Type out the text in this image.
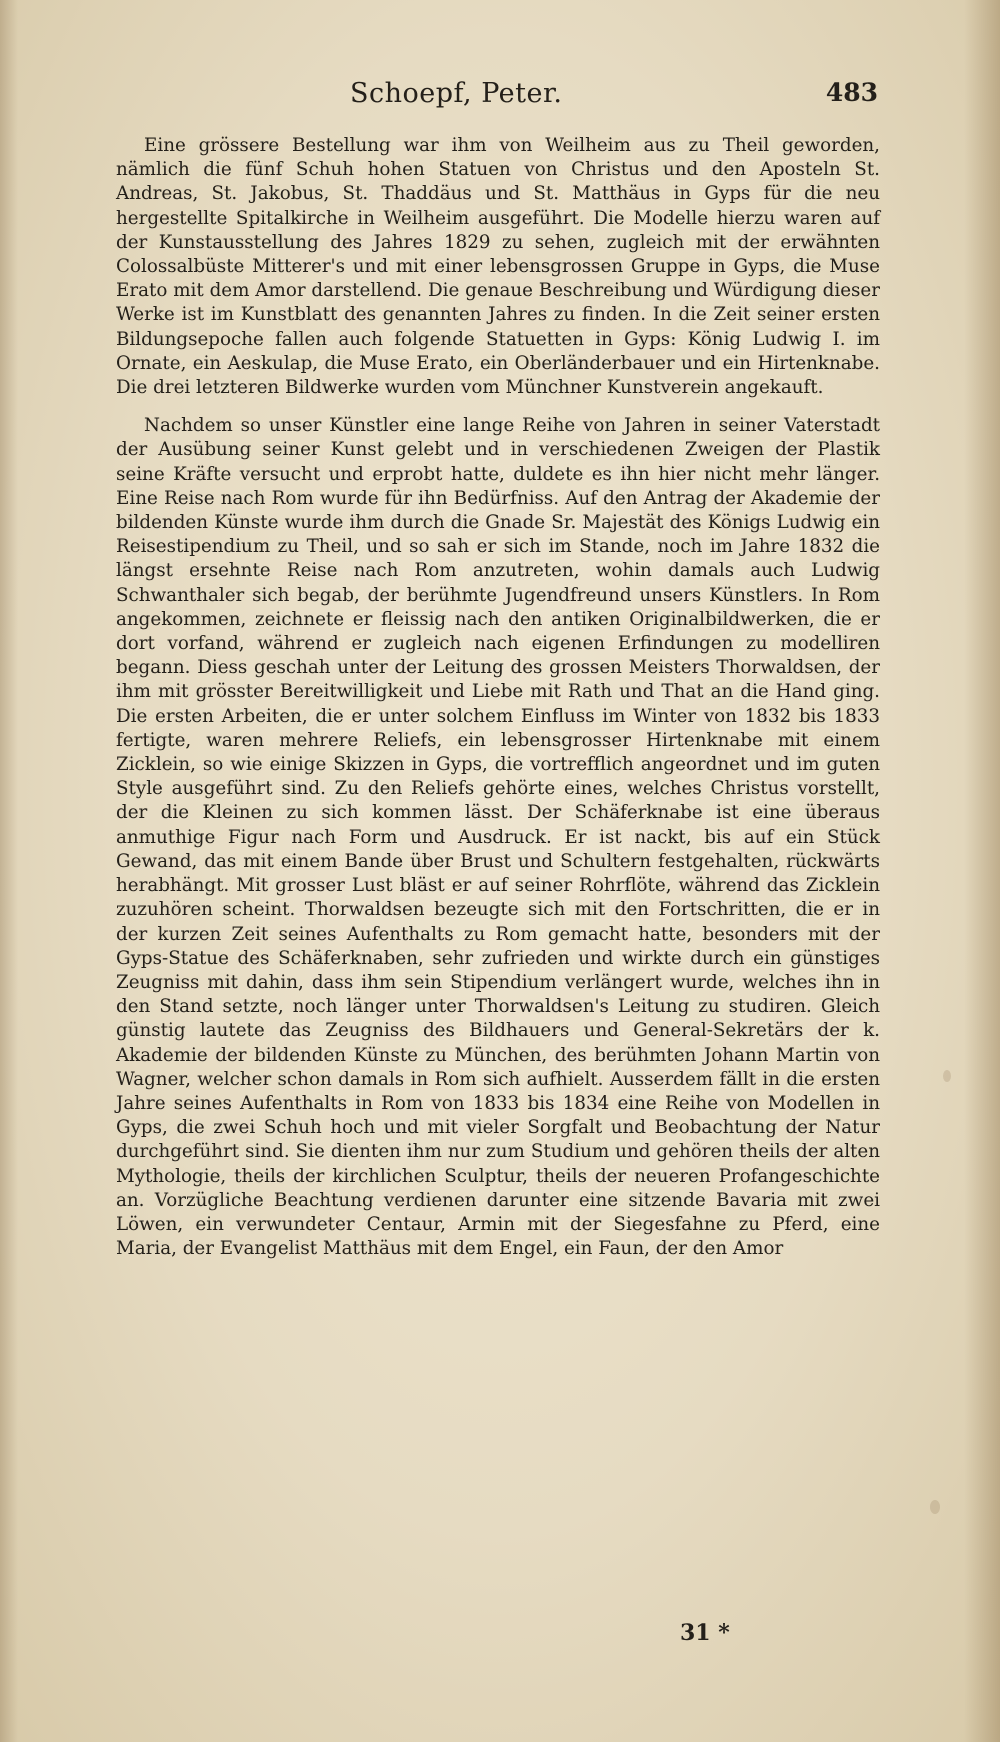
Schoepf, Peter.	483

Eine grössere Bestellung war ihm von Weilheim aus zu Theil geworden, nämlich die fünf Schuh hohen Statuen von Christus und den Aposteln St. Andreas, St. Jakobus, St. Thaddäus und St. Matthäus in Gyps für die neu hergestellte Spitalkirche in Weilheim ausgeführt. Die Modelle hierzu waren auf der Kunstausstellung des Jahres 1829 zu sehen, zugleich mit der erwähnten Colossalbüste Mitterer's und mit einer lebensgrossen Gruppe in Gyps, die Muse Erato mit dem Amor darstellend. Die genaue Beschreibung und Würdigung dieser Werke ist im Kunstblatt des genannten Jahres zu finden. In die Zeit seiner ersten Bildungsepoche fallen auch folgende Statuetten in Gyps: König Ludwig I. im Ornate, ein Aeskulap, die Muse Erato, ein Oberländerbauer und ein Hirtenknabe. Die drei letzteren Bildwerke wurden vom Münchner Kunstverein angekauft.

Nachdem so unser Künstler eine lange Reihe von Jahren in seiner Vaterstadt der Ausübung seiner Kunst gelebt und in verschiedenen Zweigen der Plastik seine Kräfte versucht und erprobt hatte, duldete es ihn hier nicht mehr länger. Eine Reise nach Rom wurde für ihn Bedürfniss. Auf den Antrag der Akademie der bildenden Künste wurde ihm durch die Gnade Sr. Majestät des Königs Ludwig ein Reisestipendium zu Theil, und so sah er sich im Stande, noch im Jahre 1832 die längst ersehnte Reise nach Rom anzutreten, wohin damals auch Ludwig Schwanthaler sich begab, der berühmte Jugendfreund unsers Künstlers. In Rom angekommen, zeichnete er fleissig nach den antiken Originalbildwerken, die er dort vorfand, während er zugleich nach eigenen Erfindungen zu modelliren begann. Diess geschah unter der Leitung des grossen Meisters Thorwaldsen, der ihm mit grösster Bereitwilligkeit und Liebe mit Rath und That an die Hand ging. Die ersten Arbeiten, die er unter solchem Einfluss im Winter von 1832 bis 1833 fertigte, waren mehrere Reliefs, ein lebensgrosser Hirtenknabe mit einem Zicklein, so wie einige Skizzen in Gyps, die vortrefflich angeordnet und im guten Style ausgeführt sind. Zu den Reliefs gehörte eines, welches Christus vorstellt, der die Kleinen zu sich kommen lässt. Der Schäferknabe ist eine überaus anmuthige Figur nach Form und Ausdruck. Er ist nackt, bis auf ein Stück Gewand, das mit einem Bande über Brust und Schultern festgehalten, rückwärts herabhängt. Mit grosser Lust bläst er auf seiner Rohrflöte, während das Zicklein zuzuhören scheint. Thorwaldsen bezeugte sich mit den Fortschritten, die er in der kurzen Zeit seines Aufenthalts zu Rom gemacht hatte, besonders mit der Gyps-Statue des Schäferknaben, sehr zufrieden und wirkte durch ein günstiges Zeugniss mit dahin, dass ihm sein Stipendium verlängert wurde, welches ihn in den Stand setzte, noch länger unter Thorwaldsen's Leitung zu studiren. Gleich günstig lautete das Zeugniss des Bildhauers und General-Sekretärs der k. Akademie der bildenden Künste zu München, des berühmten Johann Martin von Wagner, welcher schon damals in Rom sich aufhielt. Ausserdem fällt in die ersten Jahre seines Aufenthalts in Rom von 1833 bis 1834 eine Reihe von Modellen in Gyps, die zwei Schuh hoch und mit vieler Sorgfalt und Beobachtung der Natur durchgeführt sind. Sie dienten ihm nur zum Studium und gehören theils der alten Mythologie, theils der kirchlichen Sculptur, theils der neueren Profangeschichte an. Vorzügliche Beachtung verdienen darunter eine sitzende Bavaria mit zwei Löwen, ein verwundeter Centaur, Armin mit der Siegesfahne zu Pferd, eine Maria, der Evangelist Matthäus mit dem Engel, ein Faun, der den Amor

31 *
